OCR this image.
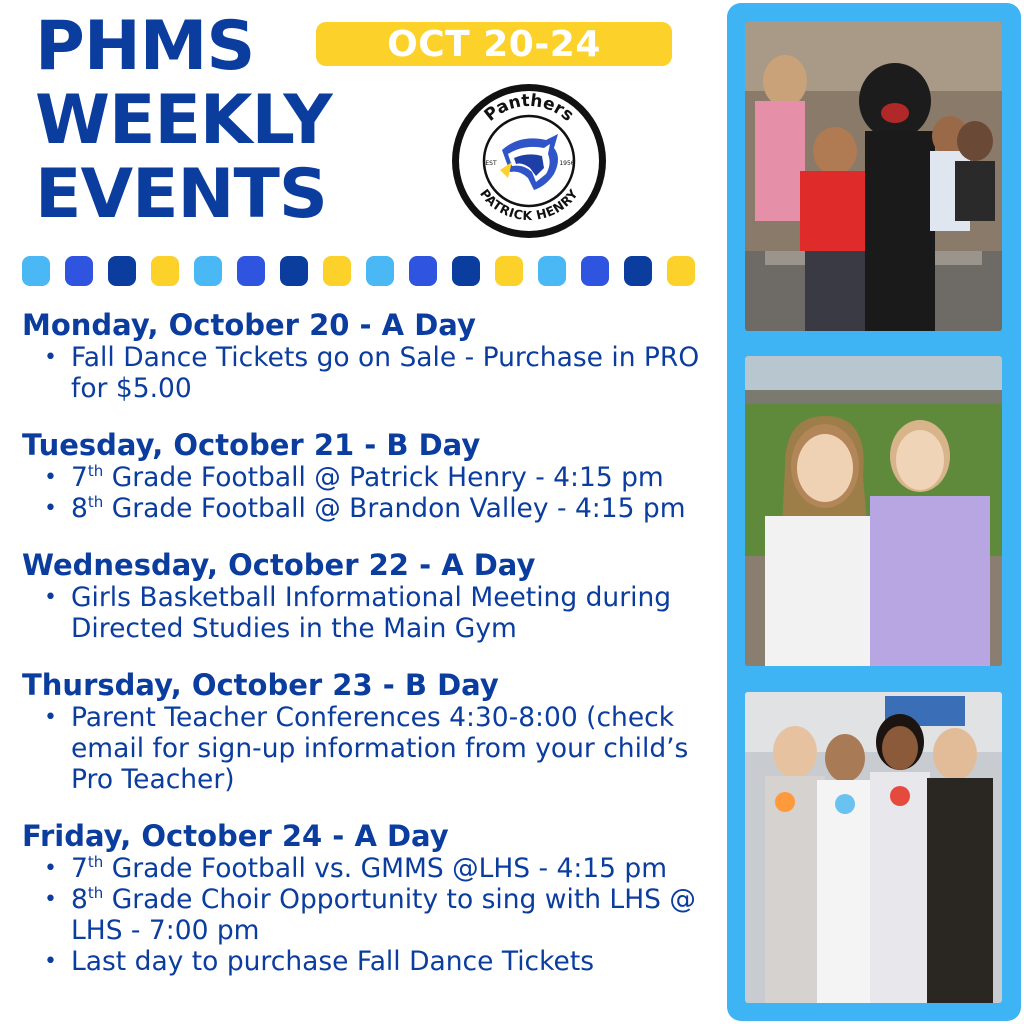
PHMS
WEEKLY
EVENTS
OCT 20-24
Panthers
PATRICK HENRY
EST	1956
Monday, October 20 - A Day
• Fall Dance Tickets go on Sale - Purchase in PRO for $5.00
Tuesday, October 21 - B Day
• 7th Grade Football @ Patrick Henry - 4:15 pm
• 8th Grade Football @ Brandon Valley - 4:15 pm
Wednesday, October 22 - A Day
• Girls Basketball Informational Meeting during Directed Studies in the Main Gym
Thursday, October 23 - B Day
• Parent Teacher Conferences 4:30-8:00 (check email for sign-up information from your child’s Pro Teacher)
Friday, October 24 - A Day
• 7th Grade Football vs. GMMS @LHS - 4:15 pm
• 8th Grade Choir Opportunity to sing with LHS @ LHS - 7:00 pm
• Last day to purchase Fall Dance Tickets
